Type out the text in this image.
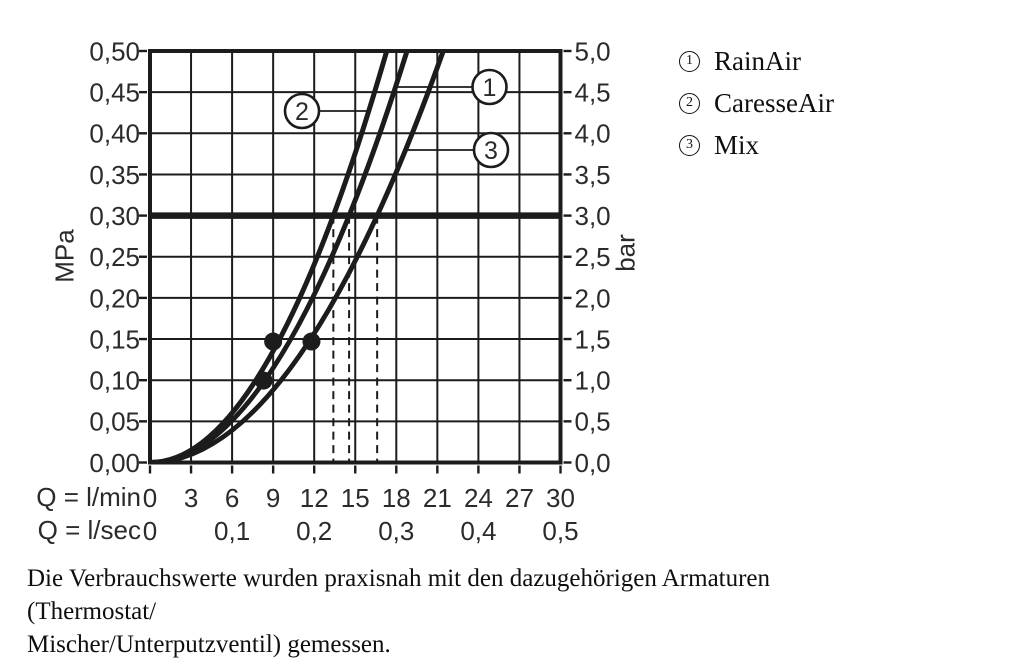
1
2
3
0,00
0,05
0,10
0,15
0,20
0,25
0,30
0,35
0,40
0,45
0,50
0,0
0,5
1,0
1,5
2,0
2,5
3,0
3,5
4,0
4,5
5,0
0 3 6 9 12 15 18 21 24 27 30
0 0,1 0,2 0,3 0,4 0,5
MPa	bar
Q = l/min
Q = l/sec
1 RainAir
2 CaresseAir
3 Mix

Die Verbrauchswerte wurden praxisnah mit den dazugehörigen Armaturen (Thermostat/
Mischer/Unterputzventil) gemessen.
